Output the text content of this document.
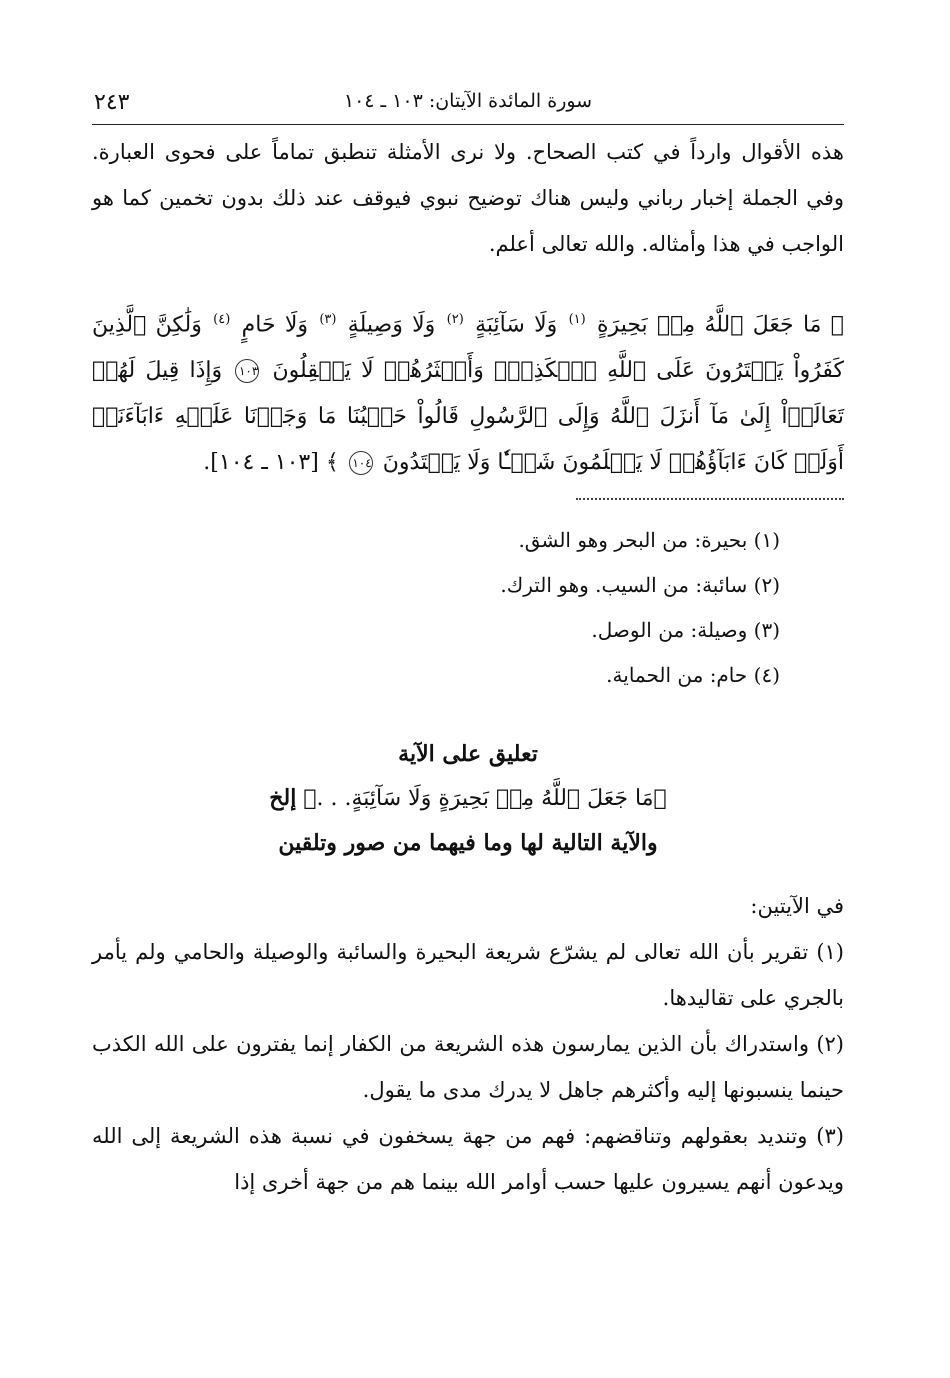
سورة المائدة الآيتان: ١٠٣ ـ ١٠٤
٢٤٣

هذه الأقوال وارداً في كتب الصحاح. ولا نرى الأمثلة تنطبق تماماً على فحوى العبارة. وفي الجملة إخبار رباني وليس هناك توضيح نبوي فيوقف عند ذلك بدون تخمين كما هو الواجب في هذا وأمثاله. والله تعالى أعلم.

﴿ مَا جَعَلَ ٱللَّهُ مِنۢ بَحِيرَةٍ $^{(١)}$ وَلَا سَآئِبَةٍ $^{(٢)}$ وَلَا وَصِيلَةٍ $^{(٣)}$ وَلَا حَامٍ $^{(٤)}$ وَلَٰكِنَّ ٱلَّذِينَ كَفَرُواْ يَفۡتَرُونَ عَلَى ٱللَّهِ ٱلۡكَذِبَۖ وَأَكۡثَرُهُمۡ لَا يَعۡقِلُونَ ١٠٣ وَإِذَا قِيلَ لَهُمۡ تَعَالَوۡاْ إِلَىٰ مَآ أَنزَلَ ٱللَّهُ وَإِلَى ٱلرَّسُولِ قَالُواْ حَسۡبُنَا مَا وَجَدۡنَا عَلَيۡهِ ءَابَآءَنَآۚ أَوَلَوۡ كَانَ ءَابَآؤُهُمۡ لَا يَعۡلَمُونَ شَيۡـٔٗا وَلَا يَهۡتَدُونَ ١٠٤ ﴾ [١٠٣ ـ ١٠٤].
(١) بحيرة: من البحر وهو الشق.
(٢) سائبة: من السيب. وهو الترك.
(٣) وصيلة: من الوصل.
(٤) حام: من الحماية.
تعليق على الآية
﴿مَا جَعَلَ ٱللَّهُ مِنۢ بَحِيرَةٍ وَلَا سَآئِبَةٍ. . .﴾ إلخ
والآية التالية لها وما فيهما من صور وتلقين
في الآيتين:

(١) تقرير بأن الله تعالى لم يشرّع شريعة البحيرة والسائبة والوصيلة والحامي ولم يأمر بالجري على تقاليدها.

(٢) واستدراك بأن الذين يمارسون هذه الشريعة من الكفار إنما يفترون على الله الكذب حينما ينسبونها إليه وأكثرهم جاهل لا يدرك مدى ما يقول.

(٣) وتنديد بعقولهم وتناقضهم: فهم من جهة يسخفون في نسبة هذه الشريعة إلى الله ويدعون أنهم يسيرون عليها حسب أوامر الله بينما هم من جهة أخرى إذا
